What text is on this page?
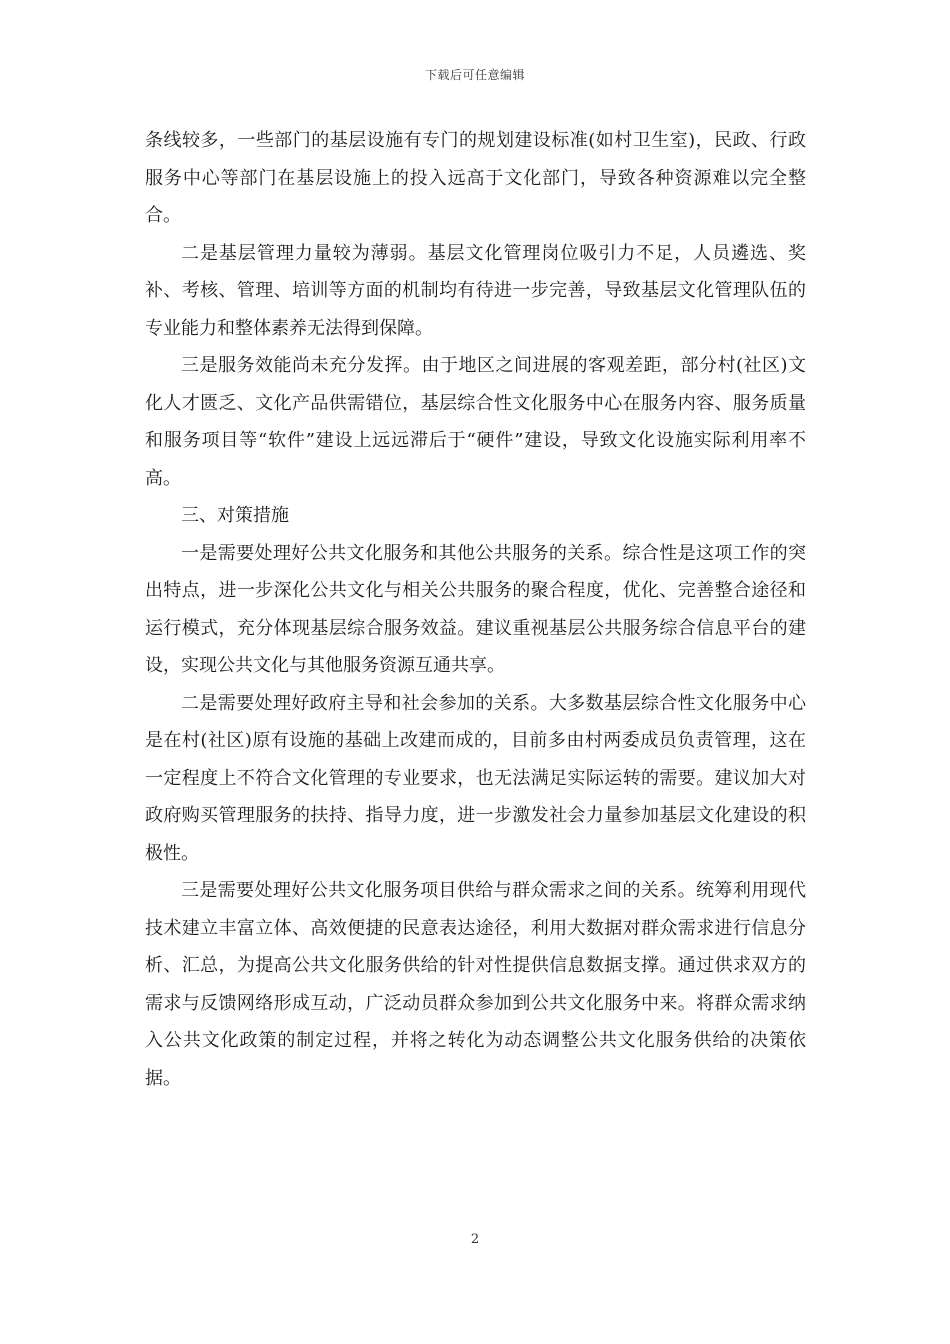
下载后可任意编辑

条线较多，一些部门的基层设施有专门的规划建设标准(如村卫生室)，民政、行政服务中心等部门在基层设施上的投入远高于文化部门，导致各种资源难以完全整合。

二是基层管理力量较为薄弱。基层文化管理岗位吸引力不足，人员遴选、奖补、考核、管理、培训等方面的机制均有待进一步完善，导致基层文化管理队伍的专业能力和整体素养无法得到保障。

三是服务效能尚未充分发挥。由于地区之间进展的客观差距，部分村(社区)文化人才匮乏、文化产品供需错位，基层综合性文化服务中心在服务内容、服务质量和服务项目等“软件”建设上远远滞后于“硬件”建设，导致文化设施实际利用率不高。

三、对策措施

一是需要处理好公共文化服务和其他公共服务的关系。综合性是这项工作的突出特点，进一步深化公共文化与相关公共服务的聚合程度，优化、完善整合途径和运行模式，充分体现基层综合服务效益。建议重视基层公共服务综合信息平台的建设，实现公共文化与其他服务资源互通共享。

二是需要处理好政府主导和社会参加的关系。大多数基层综合性文化服务中心是在村(社区)原有设施的基础上改建而成的，目前多由村两委成员负责管理，这在一定程度上不符合文化管理的专业要求，也无法满足实际运转的需要。建议加大对政府购买管理服务的扶持、指导力度，进一步激发社会力量参加基层文化建设的积极性。

三是需要处理好公共文化服务项目供给与群众需求之间的关系。统筹利用现代技术建立丰富立体、高效便捷的民意表达途径，利用大数据对群众需求进行信息分析、汇总，为提高公共文化服务供给的针对性提供信息数据支撑。通过供求双方的需求与反馈网络形成互动，广泛动员群众参加到公共文化服务中来。将群众需求纳入公共文化政策的制定过程，并将之转化为动态调整公共文化服务供给的决策依据。

2
